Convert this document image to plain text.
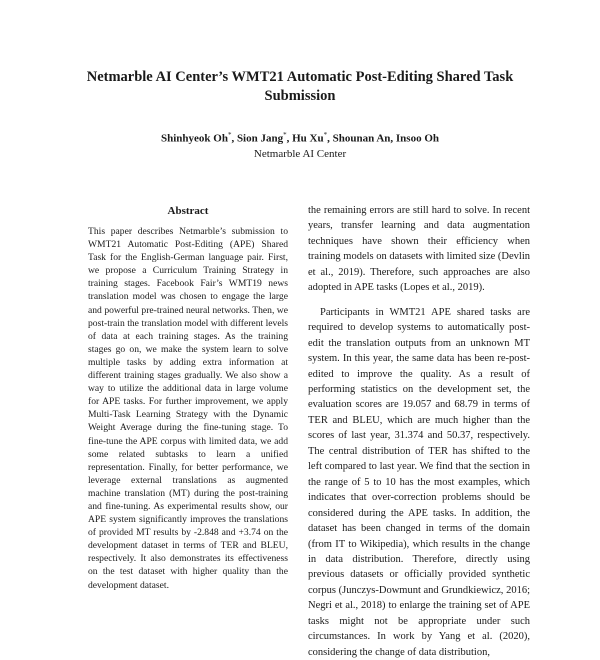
Netmarble AI Center’s WMT21 Automatic Post-Editing Shared Task Submission
Shinhyeok Oh*, Sion Jang*, Hu Xu*, Shounan An, Insoo Oh
Netmarble AI Center
Abstract

This paper describes Netmarble’s submission to WMT21 Automatic Post-Editing (APE) Shared Task for the English-German language pair. First, we propose a Curriculum Training Strategy in training stages. Facebook Fair’s WMT19 news translation model was chosen to engage the large and powerful pre-trained neural networks. Then, we post-train the translation model with different levels of data at each training stages. As the training stages go on, we make the system learn to solve multiple tasks by adding extra information at different training stages gradually. We also show a way to utilize the additional data in large volume for APE tasks. For further improvement, we apply Multi-Task Learning Strategy with the Dynamic Weight Average during the fine-tuning stage. To fine-tune the APE corpus with limited data, we add some related subtasks to learn a unified representation. Finally, for better performance, we leverage external translations as augmented machine translation (MT) during the post-training and fine-tuning. As experimental results show, our APE system significantly improves the translations of provided MT results by -2.848 and +3.74 on the development dataset in terms of TER and BLEU, respectively. It also demonstrates its effectiveness on the test dataset with higher quality than the development dataset.

the remaining errors are still hard to solve. In recent years, transfer learning and data augmentation techniques have shown their efficiency when training models on datasets with limited size (Devlin et al., 2019). Therefore, such approaches are also adopted in APE tasks (Lopes et al., 2019).

Participants in WMT21 APE shared tasks are required to develop systems to automatically post-edit the translation outputs from an unknown MT system. In this year, the same data has been re-post-edited to improve the quality. As a result of performing statistics on the development set, the evaluation scores are 19.057 and 68.79 in terms of TER and BLEU, which are much higher than the scores of last year, 31.374 and 50.37, respectively. The central distribution of TER has shifted to the left compared to last year. We find that the section in the range of 5 to 10 has the most examples, which indicates that over-correction problems should be considered during the APE tasks. In addition, the dataset has been changed in terms of the domain (from IT to Wikipedia), which results in the change in data distribution. Therefore, directly using previous datasets or officially provided synthetic corpus (Junczys-Dowmunt and Grundkiewicz, 2016; Negri et al., 2018) to enlarge the training set of APE tasks might not be appropriate under such circumstances. In work by Yang et al. (2020), considering the change of data distribution,
